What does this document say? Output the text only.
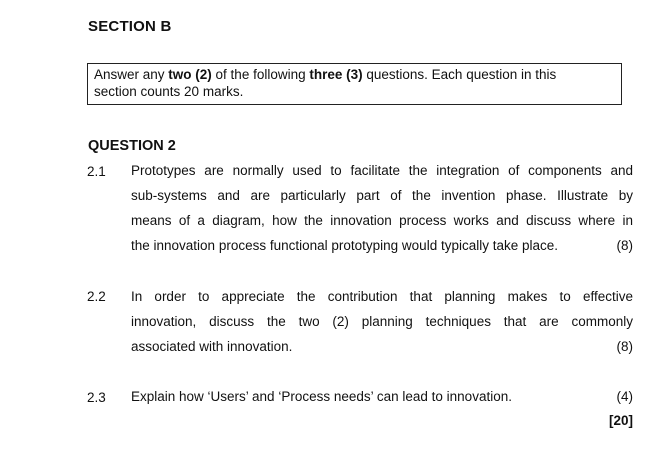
SECTION B
Answer any two (2) of the following three (3) questions. Each question in this
section counts 20 marks.
QUESTION 2
2.1 Prototypes are normally used to facilitate the integration of components and
sub-systems and are particularly part of the invention phase. Illustrate by
means of a diagram, how the innovation process works and discuss where in
the innovation process functional prototyping would typically take place.	(8)
2.2 In order to appreciate the contribution that planning makes to effective
innovation, discuss the two (2) planning techniques that are commonly
associated with innovation.	(8)
2.3 Explain how ‘Users’ and ‘Process needs’ can lead to innovation.	(4)
[20]
